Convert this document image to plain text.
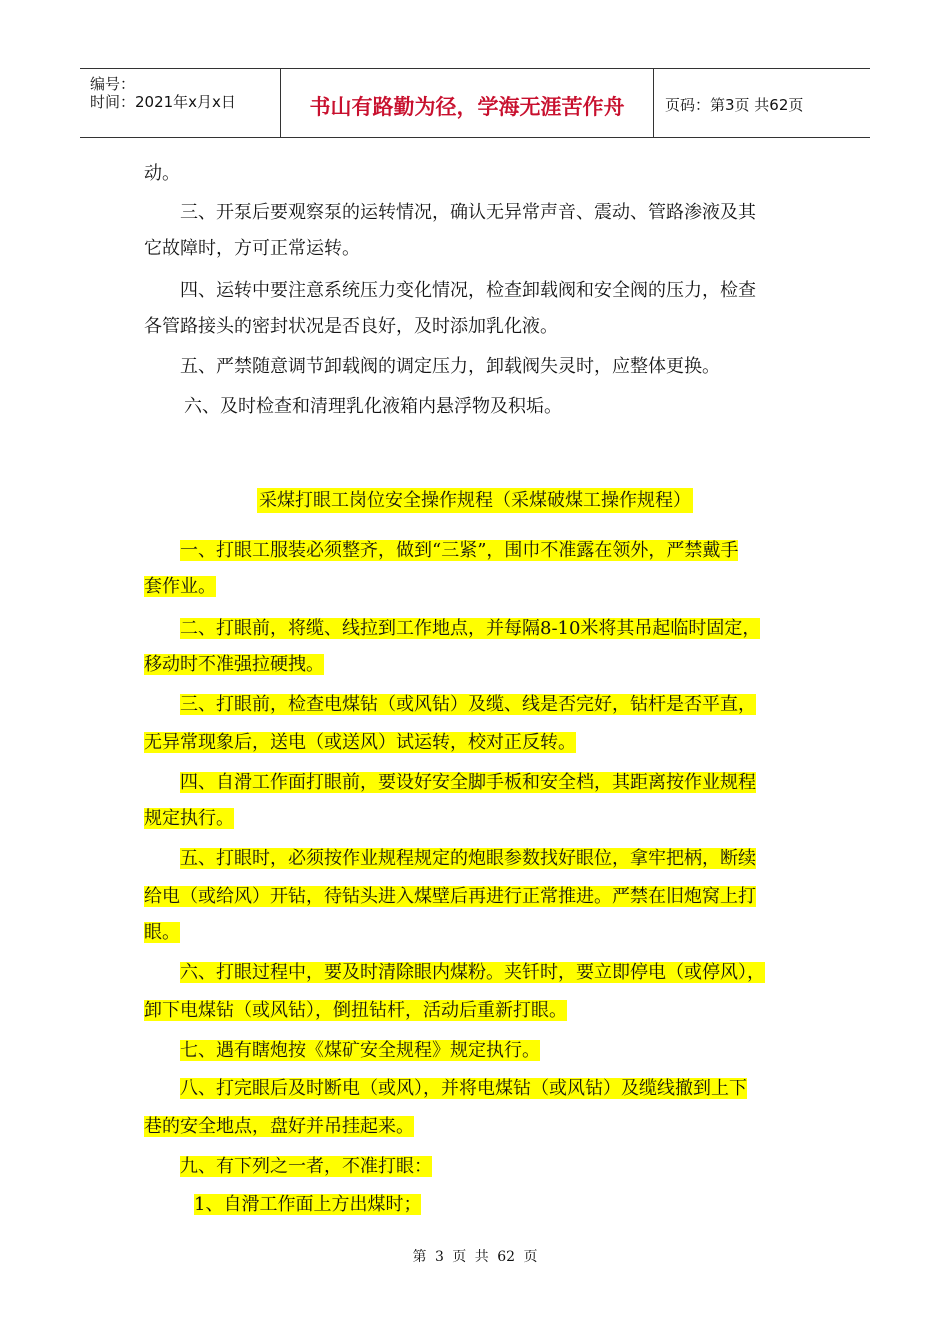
编号：
时间：2021年x月x日	书山有路勤为径，学海无涯苦作舟	页码：第3页 共62页
动。
三、开泵后要观察泵的运转情况，确认无异常声音、震动、管路渗液及其
它故障时，方可正常运转。
四、运转中要注意系统压力变化情况，检查卸载阀和安全阀的压力，检查
各管路接头的密封状况是否良好，及时添加乳化液。
五、严禁随意调节卸载阀的调定压力，卸载阀失灵时，应整体更换。
六、及时检查和清理乳化液箱内悬浮物及积垢。
采煤打眼工岗位安全操作规程（采煤破煤工操作规程）
一、打眼工服装必须整齐，做到“三紧”，围巾不准露在领外，严禁戴手
套作业。
二、打眼前，将缆、线拉到工作地点，并每隔8-10米将其吊起临时固定，
移动时不准强拉硬拽。
三、打眼前，检查电煤钻（或风钻）及缆、线是否完好，钻杆是否平直，
无异常现象后，送电（或送风）试运转，校对正反转。
四、自滑工作面打眼前，要设好安全脚手板和安全档，其距离按作业规程
规定执行。
五、打眼时，必须按作业规程规定的炮眼参数找好眼位，拿牢把柄，断续
给电（或给风）开钻，待钻头进入煤壁后再进行正常推进。严禁在旧炮窝上打
眼。
六、打眼过程中，要及时清除眼内煤粉。夹钎时，要立即停电（或停风），
卸下电煤钻（或风钻），倒扭钻杆，活动后重新打眼。
七、遇有瞎炮按《煤矿安全规程》规定执行。
八、打完眼后及时断电（或风），并将电煤钻（或风钻）及缆线撤到上下
巷的安全地点，盘好并吊挂起来。
九、有下列之一者，不准打眼：
1、自滑工作面上方出煤时；
第 3 页 共 62 页
